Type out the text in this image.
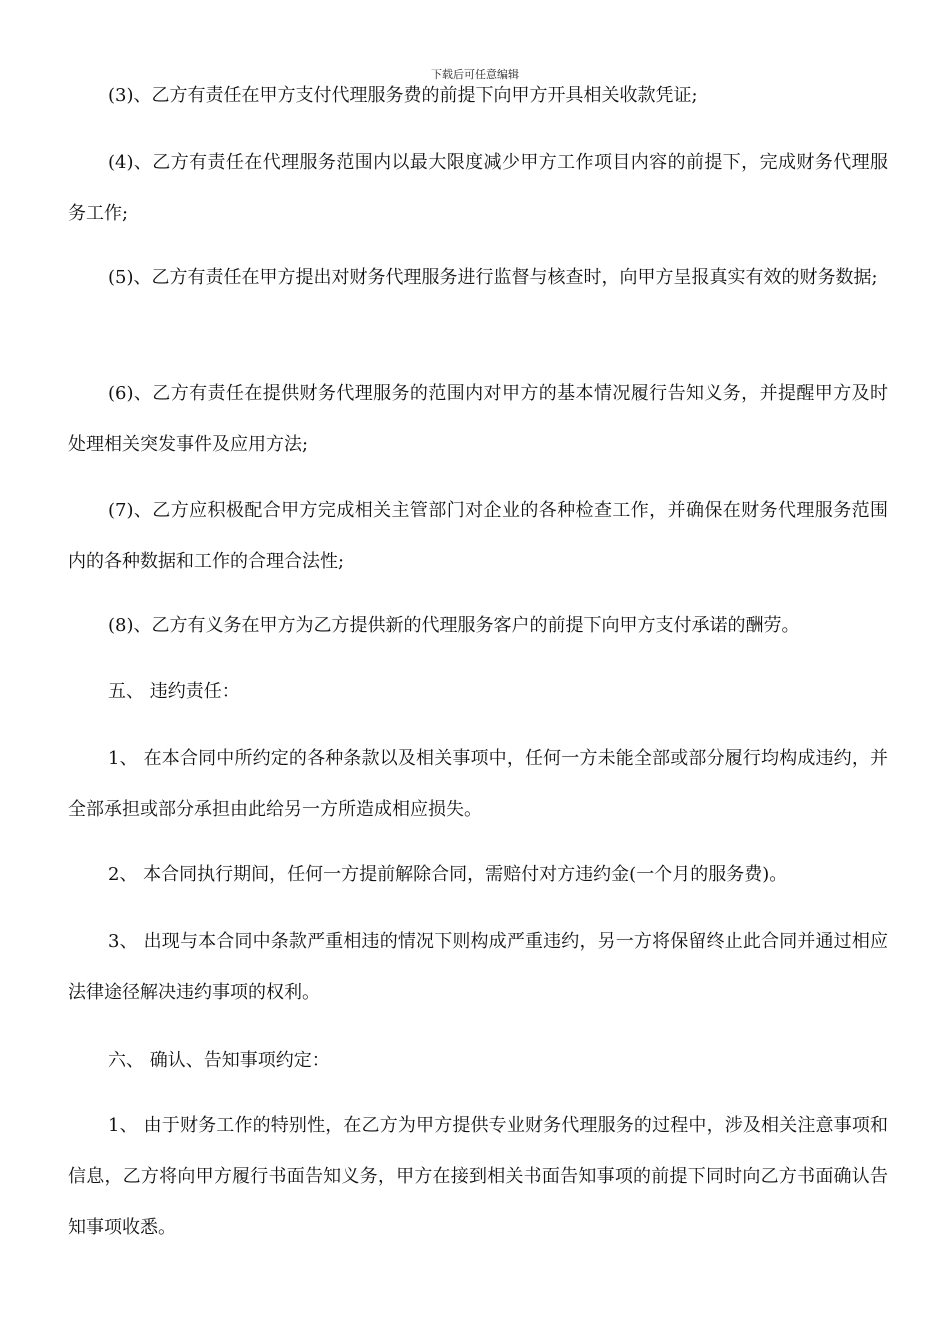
下载后可任意编辑

(3)、乙方有责任在甲方支付代理服务费的前提下向甲方开具相关收款凭证;

(4)、乙方有责任在代理服务范围内以最大限度减少甲方工作项目内容的前提下，完成财务代理服务工作;

(5)、乙方有责任在甲方提出对财务代理服务进行监督与核查时，向甲方呈报真实有效的财务数据;

(6)、乙方有责任在提供财务代理服务的范围内对甲方的基本情况履行告知义务，并提醒甲方及时处理相关突发事件及应用方法;

(7)、乙方应积极配合甲方完成相关主管部门对企业的各种检查工作，并确保在财务代理服务范围内的各种数据和工作的合理合法性;

(8)、乙方有义务在甲方为乙方提供新的代理服务客户的前提下向甲方支付承诺的酬劳。

五、 违约责任：

1、 在本合同中所约定的各种条款以及相关事项中，任何一方未能全部或部分履行均构成违约，并全部承担或部分承担由此给另一方所造成相应损失。

2、 本合同执行期间，任何一方提前解除合同，需赔付对方违约金(一个月的服务费)。

3、 出现与本合同中条款严重相违的情况下则构成严重违约，另一方将保留终止此合同并通过相应法律途径解决违约事项的权利。

六、 确认、告知事项约定：

1、 由于财务工作的特别性，在乙方为甲方提供专业财务代理服务的过程中，涉及相关注意事项和信息，乙方将向甲方履行书面告知义务，甲方在接到相关书面告知事项的前提下同时向乙方书面确认告知事项收悉。
